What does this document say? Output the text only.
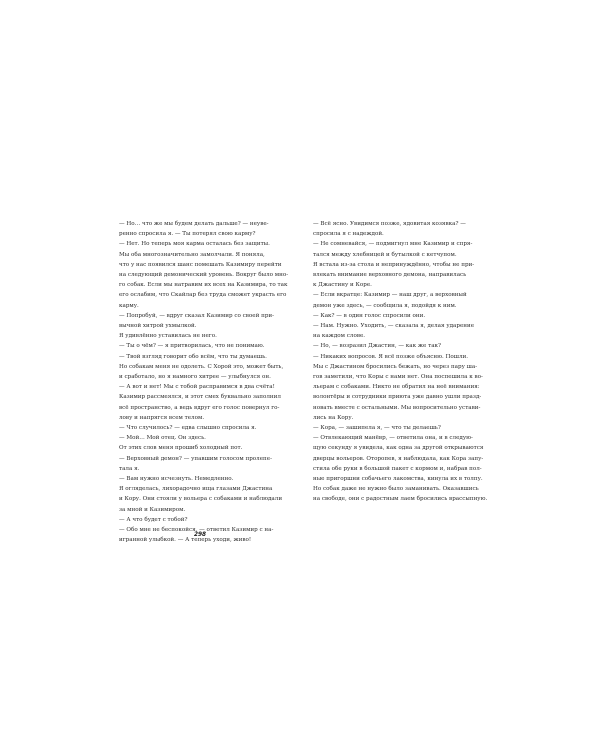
— Но… что же мы будем делать дальше? — неуве-

ренно спросила я. — Ты потерял свою карму?

— Нет. Но теперь моя карма осталась без защиты.

Мы оба многозначительно замолчали. Я поняла,

что у нас появился шанс помешать Казимиру перейти

на следующий демонический уровень. Вокруг было мно-

го собак. Если мы натравим их всех на Казимира, то так

его ослабим, что Скайлар без труда сможет украсть его

карму.

— Попробуй, — вдруг сказал Казимир со своей при-

вычной хитрой ухмылкой.

Я удивлённо уставилась не него.

— Ты о чём? — я притворилась, что не понимаю.

— Твой взгляд говорит обо всём, что ты думаешь.

Но собакам меня не одолеть. С Хорой это, может быть,

и сработало, но я намного хитрее — улыбнулся он.

— А вот и нет! Мы с тобой расправимся в два счёта!

Казимир рассмеялся, и этот смех буквально заполнил

всё пространство, а ведь вдруг его голос повернул го-

лову и напрягся всем телом.

— Что случилось? — едва слышно спросила я.

— Мой… Мой отец. Он здесь.

От этих слов меня прошиб холодный пот.

— Верховный демон? — упавшим голосом пролепе-

тала я.

— Вам нужно исчезнуть. Немедленно.

Я огляделась, лихорадочно ища глазами Джастина

и Кору. Они стояли у вольера с собаками и наблюдали

за мной и Казимиром.

— А что будет с тобой?

— Обо мне не беспокойся, — ответил Казимир с на-

игранной улыбкой. — А теперь уходи, живо!

— Всё ясно. Увидимся позже, ядовитая козявка? —

спросила я с надеждой.

— Не сомневайся, — подмигнул мне Казимир и спря-

тался между хлебницей и бутылкой с кетчупом.

Я встала из-за стола и непринуждённо, чтобы не при-

влекать внимание верховного демона, направилась

к Джастину и Коре.

— Если вкратце: Казимир — наш друг, а верховный

демон уже здесь, — сообщила я, подойдя к ним.

— Как? — в один голос спросили они.

— Нам. Нужно. Уходить, — сказала я, делая ударение

на каждом слове.

— Но, — возразил Джастин, — как же так?

— Никаких вопросов. Я всё позже объясню. Пошли.

Мы с Джастином бросились бежать, но через пару ша-

гов заметили, что Коры с нами нет. Она поспешила к во-

льерам с собаками. Никто не обратил на неё внимания:

волонтёры и сотрудники приюта уже давно ушли празд-

новать вместе с остальными. Мы вопросительно устави-

лись на Кору.

— Кора, — зашипела я, — что ты делаешь?

— Отвлекающий манёвр, — ответила она, и в следую-

щую секунду я увидела, как одна за другой открываются

дверцы вольеров. Оторопев, я наблюдала, как Кора запу-

стила обе руки в большой пакет с кормом и, набрав пол-

ные пригоршни собачьего лакомства, кинула их в толпу.

Но собак даже не нужно было заманивать. Оказавшись

на свободе, они с радостным лаем бросились врассыпную.

298
